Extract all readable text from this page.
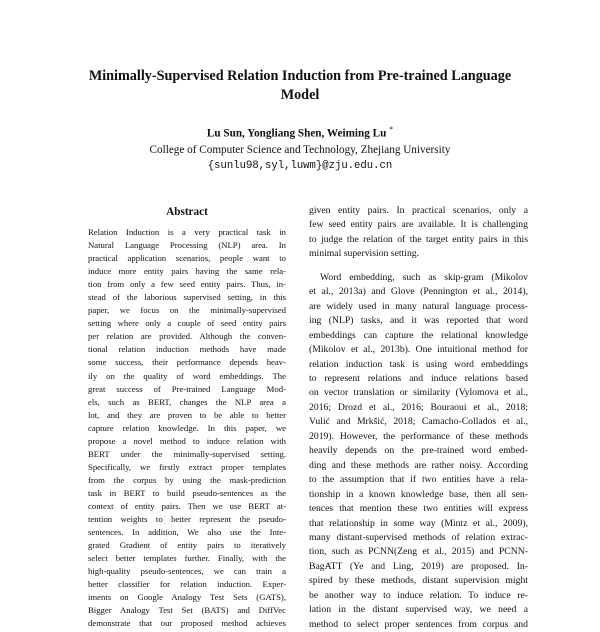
Minimally-Supervised Relation Induction from Pre-trained Language
Model
Lu Sun, Yongliang Shen, Weiming Lu *
College of Computer Science and Technology, Zhejiang University
{sunlu98,syl,luwm}@zju.edu.cn
Abstract
Relation Induction is a very practical task in
Natural Language Processing (NLP) area. In
practical application scenarios, people want to
induce more entity pairs having the same rela-
tion from only a few seed entity pairs. Thus, in-
stead of the laborious supervised setting, in this
paper, we focus on the minimally-supervised
setting where only a couple of seed entity pairs
per relation are provided. Although the conven-
tional relation induction methods have made
some success, their performance depends heav-
ily on the quality of word embeddings. The
great success of Pre-trained Language Mod-
els, such as BERT, changes the NLP area a
lot, and they are proven to be able to better
capture relation knowledge. In this paper, we
propose a novel method to induce relation with
BERT under the minimally-supervised setting.
Specifically, we firstly extract proper templates
from the corpus by using the mask-prediction
task in BERT to build pseudo-sentences as the
context of entity pairs. Then we use BERT at-
tention weights to better represent the pseudo-
sentences. In addition, We also use the Inte-
grated Gradient of entity pairs to iteratively
select better templates further. Finally, with the
high-quality pseudo-sentences, we can train a
better classifier for relation induction. Exper-
iments on Google Analogy Test Sets (GATS),
Bigger Analogy Test Set (BATS) and DiffVec
demonstrate that our proposed method achieves
given entity pairs. In practical scenarios, only a
few seed entity pairs are available. It is challenging
to judge the relation of the target entity pairs in this
minimal supervision setting.
Word embedding, such as skip-gram (Mikolov
et al., 2013a) and Glove (Pennington et al., 2014),
are widely used in many natural language process-
ing (NLP) tasks, and it was reported that word
embeddings can capture the relational knowledge
(Mikolov et al., 2013b). One intuitional method for
relation induction task is using word embeddings
to represent relations and induce relations based
on vector translation or similarity (Vylomova et al.,
2016; Drozd et al., 2016; Bouraoui et al., 2018;
Vulić and Mrkšić, 2018; Camacho-Collados et al.,
2019). However, the performance of these methods
heavily depends on the pre-trained word embed-
ding and these methods are rather noisy. According
to the assumption that if two entities have a rela-
tionship in a known knowledge base, then all sen-
tences that mention these two entities will express
that relationship in some way (Mintz et al., 2009),
many distant-supervised methods of relation extrac-
tion, such as PCNN(Zeng et al., 2015) and PCNN-
BagATT (Ye and Ling, 2019) are proposed. In-
spired by these methods, distant supervision might
be another way to induce relation. To induce re-
lation in the distant supervised way, we need a
method to select proper sentences from corpus and
